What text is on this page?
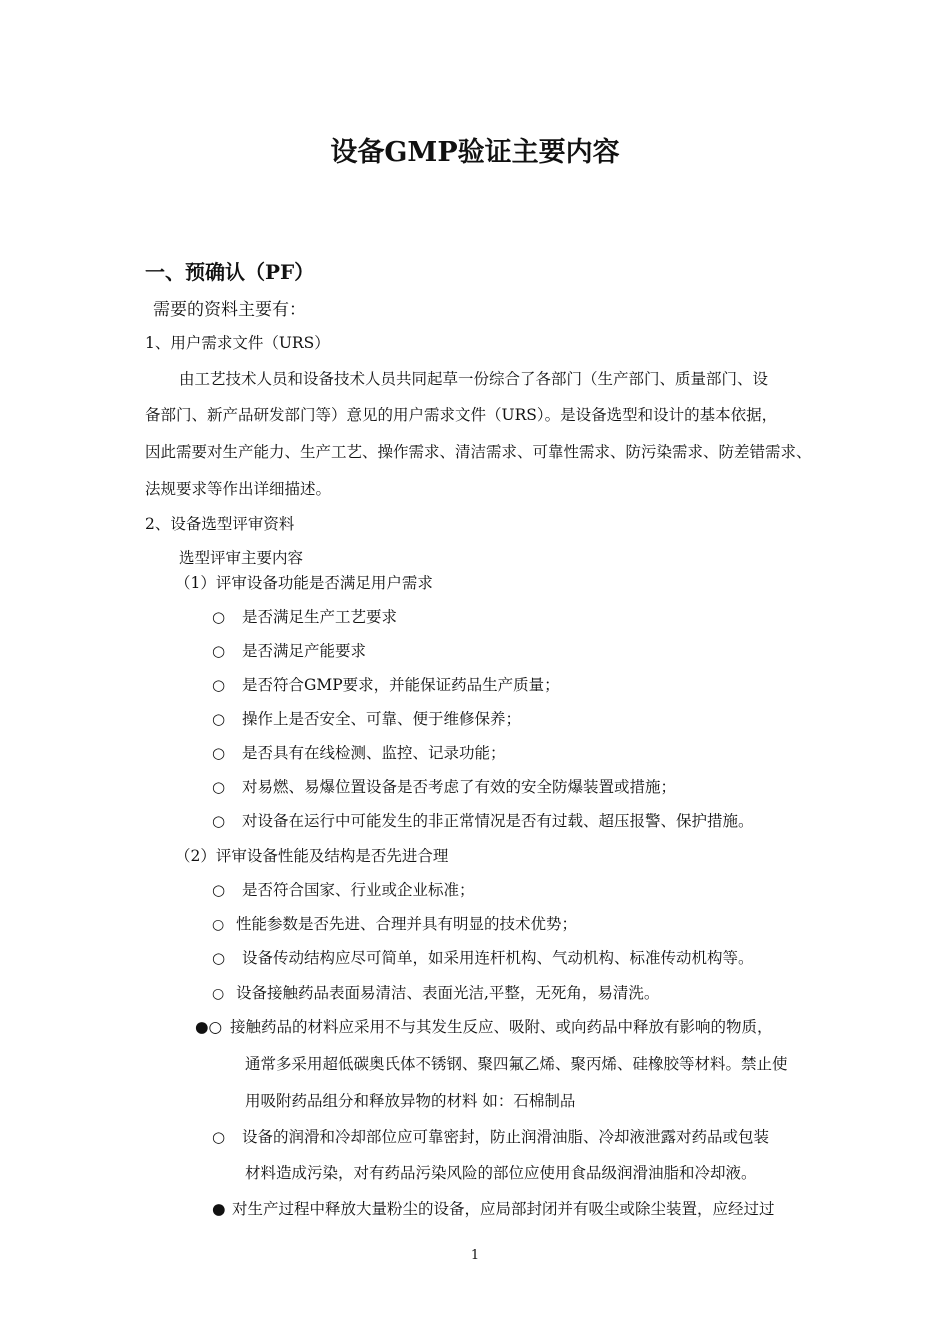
设备GMP验证主要内容
一、预确认（PF）
需要的资料主要有：
1、用户需求文件（URS）
由工艺技术人员和设备技术人员共同起草一份综合了各部门（生产部门、质量部门、设
备部门、新产品研发部门等）意见的用户需求文件（URS）。是设备选型和设计的基本依据，
因此需要对生产能力、生产工艺、操作需求、清洁需求、可靠性需求、防污染需求、防差错需求、
法规要求等作出详细描述。
2、设备选型评审资料
选型评审主要内容
（1）评审设备功能是否满足用户需求
○ 是否满足生产工艺要求
○ 是否满足产能要求
○ 是否符合GMP要求，并能保证药品生产质量；
○ 操作上是否安全、可靠、便于维修保养；
○ 是否具有在线检测、监控、记录功能；
○ 对易燃、易爆位置设备是否考虑了有效的安全防爆装置或措施；
○ 对设备在运行中可能发生的非正常情况是否有过载、超压报警、保护措施。
（2）评审设备性能及结构是否先进合理
○ 是否符合国家、行业或企业标准；
○ 性能参数是否先进、合理并具有明显的技术优势；
○ 设备传动结构应尽可简单，如采用连杆机构、气动机构、标准传动机构等。
○ 设备接触药品表面易清洁、表面光洁,平整，无死角，易清洗。
●○ 接触药品的材料应采用不与其发生反应、吸附、或向药品中释放有影响的物质，
通常多采用超低碳奥氏体不锈钢、聚四氟乙烯、聚丙烯、硅橡胶等材料。禁止使
用吸附药品组分和释放异物的材料 如：石棉制品
○ 设备的润滑和冷却部位应可靠密封，防止润滑油脂、冷却液泄露对药品或包装
材料造成污染，对有药品污染风险的部位应使用食品级润滑油脂和冷却液。
● 对生产过程中释放大量粉尘的设备，应局部封闭并有吸尘或除尘装置，应经过过
1
